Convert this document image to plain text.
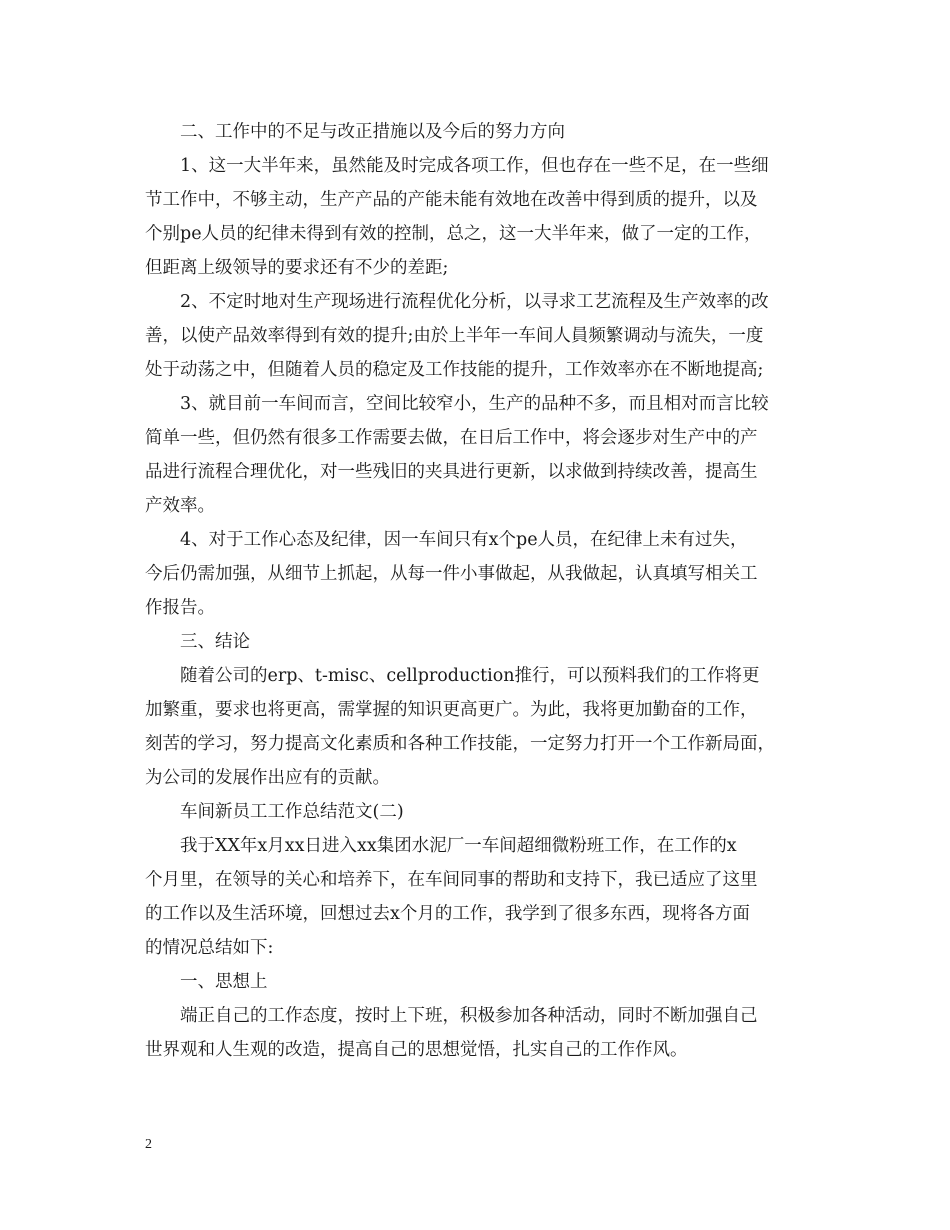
二、工作中的不足与改正措施以及今后的努力方向
1、这一大半年来，虽然能及时完成各项工作，但也存在一些不足，在一些细
节工作中，不够主动，生产产品的产能未能有效地在改善中得到质的提升，以及
个别pe人员的纪律未得到有效的控制，总之，这一大半年来，做了一定的工作，
但距离上级领导的要求还有不少的差距;
2、不定时地对生产现场进行流程优化分析，以寻求工艺流程及生产效率的改
善，以使产品效率得到有效的提升;由於上半年一车间人員频繁调动与流失，一度
处于动荡之中，但随着人员的稳定及工作技能的提升，工作效率亦在不断地提高;
3、就目前一车间而言，空间比较窄小，生产的品种不多，而且相对而言比较
简单一些，但仍然有很多工作需要去做，在日后工作中，将会逐步对生产中的产
品进行流程合理优化，对一些残旧的夹具进行更新，以求做到持续改善，提高生
产效率。
4、对于工作心态及纪律，因一车间只有x个pe人员，在纪律上未有过失，
今后仍需加强，从细节上抓起，从每一件小事做起，从我做起，认真填写相关工
作报告。
三、结论
随着公司的erp、t-misc、cellproduction推行，可以预料我们的工作将更
加繁重，要求也将更高，需掌握的知识更高更广。为此，我将更加勤奋的工作，
刻苦的学习，努力提高文化素质和各种工作技能，一定努力打开一个工作新局面，
为公司的发展作出应有的贡献。
车间新员工工作总结范文(二)
我于XX年x月xx日进入xx集团水泥厂一车间超细微粉班工作，在工作的x
个月里，在领导的关心和培养下，在车间同事的帮助和支持下，我已适应了这里
的工作以及生活环境，回想过去x个月的工作，我学到了很多东西，现将各方面
的情况总结如下:
一、思想上
端正自己的工作态度，按时上下班，积极参加各种活动，同时不断加强自己
世界观和人生观的改造，提高自己的思想觉悟，扎实自己的工作作风。
2
